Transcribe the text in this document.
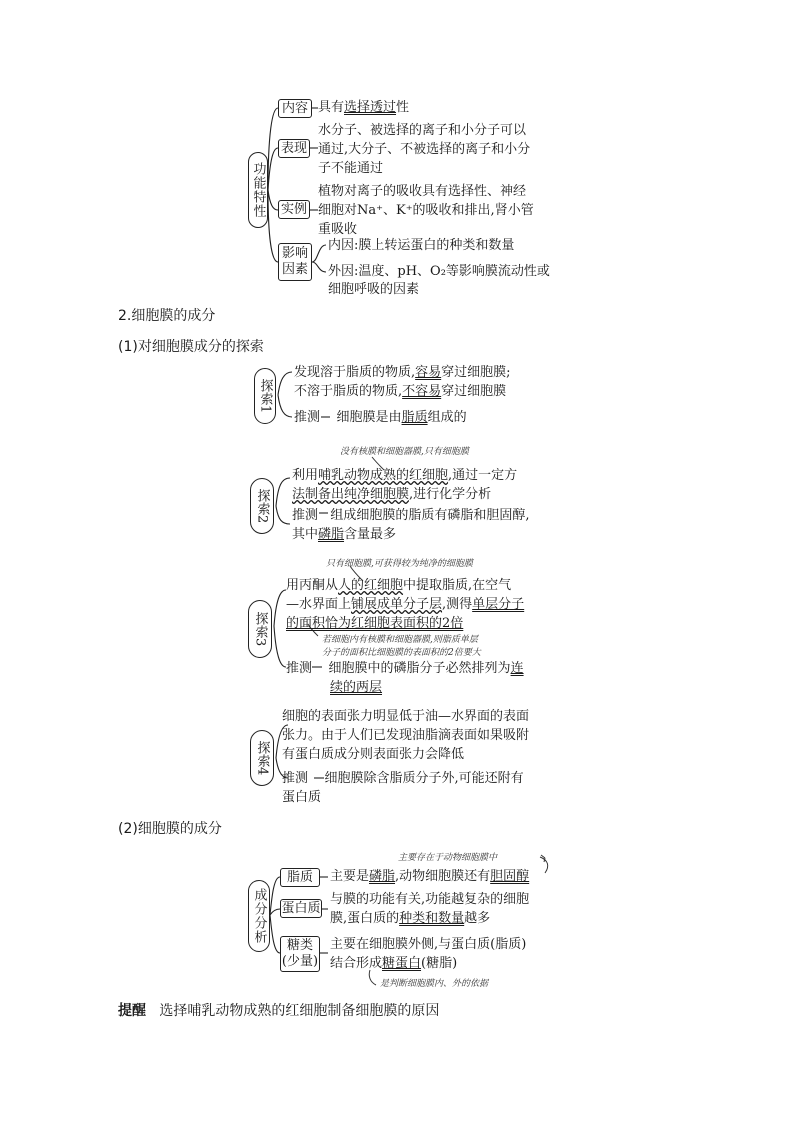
功能特性
内容 具有选择透过性
表现
水分子、被选择的离子和小分子可以
通过,大分子、不被选择的离子和小分
子不能通过
实例
植物对离子的吸收具有选择性、神经
细胞对Na⁺、K⁺的吸收和排出,肾小管
重吸收
影响
因素
内因:膜上转运蛋白的种类和数量
外因:温度、pH、O₂等影响膜流动性或
细胞呼吸的因素
2.细胞膜的成分
(1)对细胞膜成分的探索
探索1
发现溶于脂质的物质,容易穿过细胞膜;
不溶于脂质的物质,不容易穿过细胞膜
推测 细胞膜是由脂质组成的
没有核膜和细胞器膜,只有细胞膜
探索2
利用哺乳动物成熟的红细胞,通过一定方
法制备出纯净细胞膜,进行化学分析
推测 组成细胞膜的脂质有磷脂和胆固醇,
其中磷脂含量最多
只有细胞膜,可获得较为纯净的细胞膜
探索3
用丙酮从人的红细胞中提取脂质,在空气
—水界面上铺展成单分子层,测得单层分子
的面积恰为红细胞表面积的2倍
若细胞内有核膜和细胞器膜,则脂质单层
分子的面积比细胞膜的表面积的2倍要大
推测 细胞膜中的磷脂分子必然排列为连
续的两层
探索4
细胞的表面张力明显低于油—水界面的表面
张力。由于人们已发现油脂滴表面如果吸附
有蛋白质成分则表面张力会降低
推测 细胞膜除含脂质分子外,可能还附有
蛋白质
(2)细胞膜的成分
主要存在于动物细胞膜中
成分分析
脂质 主要是磷脂,动物细胞膜还有胆固醇
蛋白质
与膜的功能有关,功能越复杂的细胞
膜,蛋白质的种类和数量越多
糖类
(少量)
主要在细胞膜外侧,与蛋白质(脂质)
结合形成糖蛋白(糖脂)
是判断细胞膜内、外的依据
提醒 选择哺乳动物成熟的红细胞制备细胞膜的原因
